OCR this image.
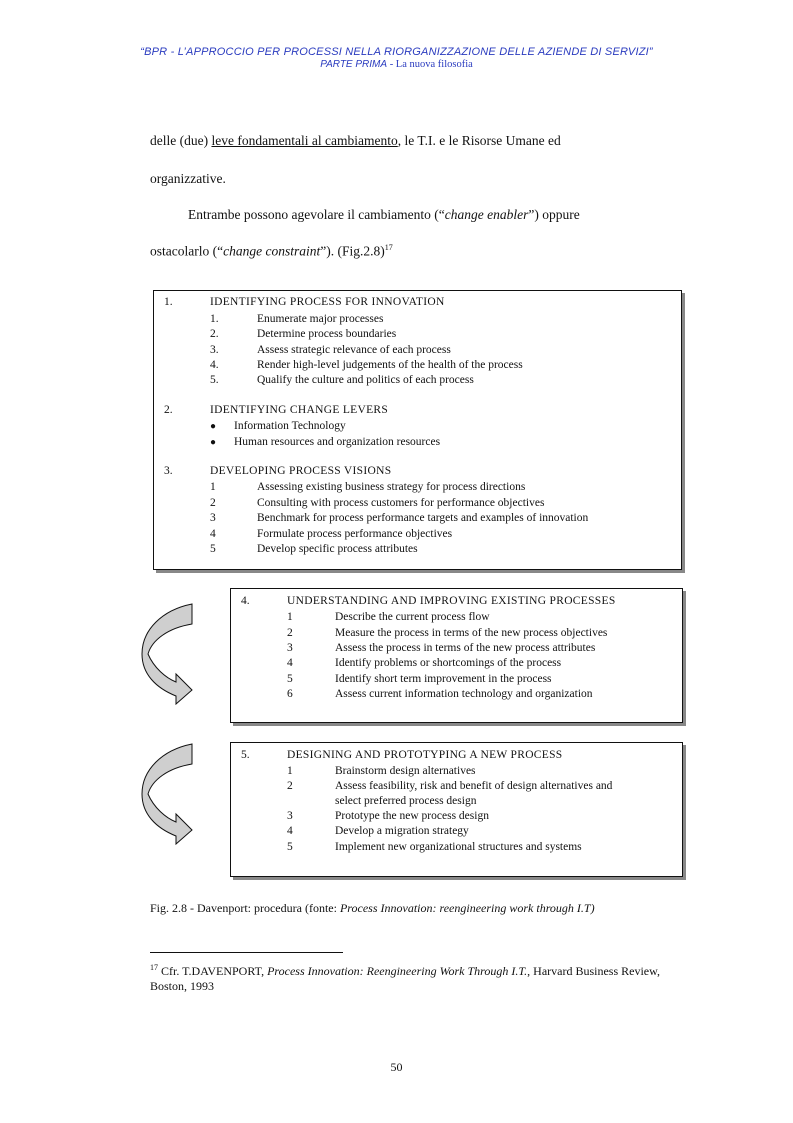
“BPR - L’APPROCCIO PER PROCESSI NELLA RIORGANIZZAZIONE DELLE AZIENDE DI SERVIZI”
PARTE PRIMA - La nuova filosofia
delle (due) leve fondamentali al cambiamento, le T.I. e le Risorse Umane ed
organizzative.
Entrambe possono agevolare il cambiamento (“change enabler”) oppure
ostacolarlo (“change constraint”). $(Fig.2.8)^{17}$
1.	IDENTIFYING PROCESS FOR INNOVATION
1.	Enumerate major processes
2.	Determine process boundaries
3.	Assess strategic relevance of each process
4.	Render high-level judgements of the health of the process
5.	Qualify the culture and politics of each process
2.	IDENTIFYING CHANGE LEVERS
● Information Technology
● Human resources and organization resources
3.	DEVELOPING PROCESS VISIONS
1	Assessing existing business strategy for process directions
2	Consulting with process customers for performance objectives
3	Benchmark for process performance targets and examples of innovation
4	Formulate process performance objectives
5	Develop specific process attributes
4.	UNDERSTANDING AND IMPROVING EXISTING PROCESSES
1	Describe the current process flow
2	Measure the process in terms of the new process objectives
3	Assess the process in terms of the new process attributes
4	Identify problems or shortcomings of the process
5	Identify short term improvement in the process
6	Assess current information technology and organization
5.	DESIGNING AND PROTOTYPING A NEW PROCESS
1	Brainstorm design alternatives
2	Assess feasibility, risk and benefit of design alternatives and
select preferred process design
3	Prototype the new process design
4	Develop a migration strategy
5	Implement new organizational structures and systems
Fig. 2.8 - Davenport: procedura (fonte: Process Innovation: reengineering work through I.T)
$^{17}$ Cfr. T.DAVENPORT, Process Innovation: Reengineering Work Through I.T., Harvard Business Review, Boston, 1993
50
